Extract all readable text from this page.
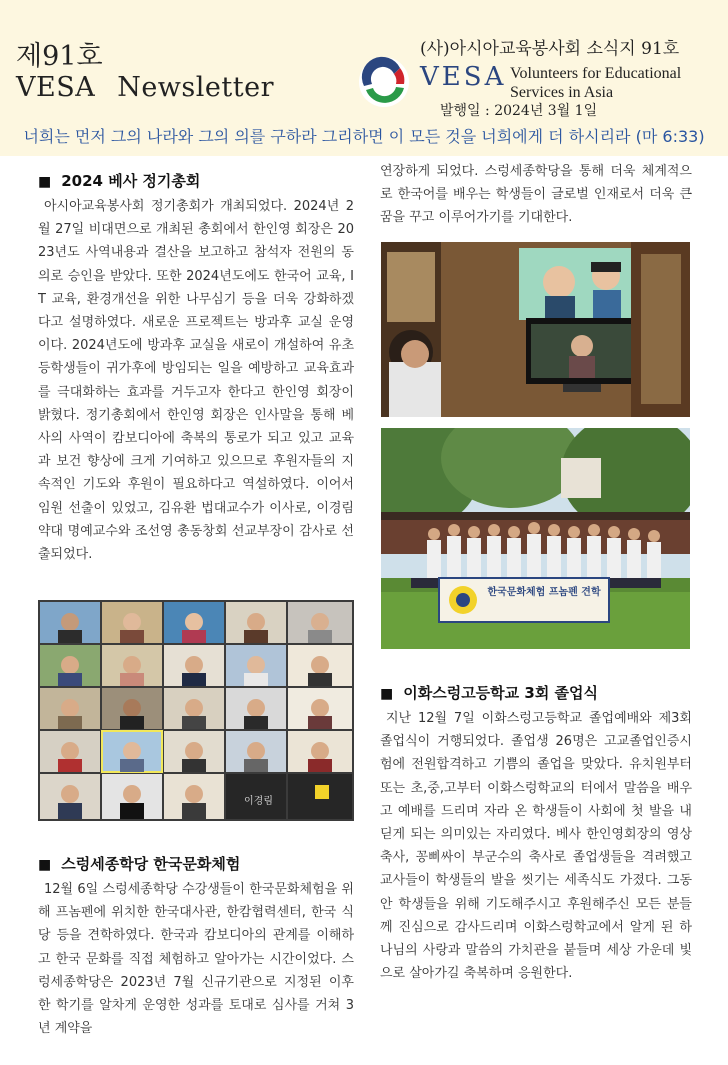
제91호
VESA Newsletter
(사)아시아교육봉사회 소식지 91호
VESA Volunteers for Educational Services in Asia
발행일 : 2024년 3월 1일
너희는 먼저 그의 나라와 그의 의를 구하라 그리하면 이 모든 것을 너희에게 더 하시리라 (마 6:33)
■ 2024 베사 정기총회

아시아교육봉사회 정기총회가 개최되었다. 2024년 2월 27일 비대면으로 개최된 총회에서 한인영 회장은 2023년도 사역내용과 결산을 보고하고 참석자 전원의 동의로 승인을 받았다. 또한 2024년도에도 한국어 교육, IT 교육, 환경개선을 위한 나무심기 등을 더욱 강화하겠다고 설명하였다. 새로운 프로젝트는 방과후 교실 운영이다. 2024년도에 방과후 교실을 새로이 개설하여 유초등학생들이 귀가후에 방임되는 일을 예방하고 교육효과를 극대화하는 효과를 거두고자 한다고 한인영 회장이 밝혔다. 정기총회에서 한인영 회장은 인사말을 통해 베사의 사역이 캄보디아에 축복의 통로가 되고 있고 교육과 보건 향상에 크게 기여하고 있으므로 후원자들의 지속적인 기도와 후원이 필요하다고 역설하였다. 이어서 임원 선출이 있었고, 김유환 법대교수가 이사로, 이경림 약대 명예교수와 조선영 총동창회 선교부장이 감사로 선출되었다.

이경림
■ 스렁세종학당 한국문화체험

12월 6일 스렁세종학당 수강생들이 한국문화체험을 위해 프놈펜에 위치한 한국대사관, 한캄협력센터, 한국 식당 등을 견학하였다. 한국과 캄보디아의 관계를 이해하고 한국 문화를 직접 체험하고 알아가는 시간이었다. 스렁세종학당은 2023년 7월 신규기관으로 지정된 이후 한 학기를 알차게 운영한 성과를 토대로 심사를 거쳐 3년 계약을

연장하게 되었다. 스렁세종학당을 통해 더욱 체계적으로 한국어를 배우는 학생들이 글로벌 인재로서 더욱 큰 꿈을 꾸고 이루어가기를 기대한다.

한국문화체험 프놈펜 견학
■ 이화스렁고등학교 3회 졸업식

지난 12월 7일 이화스렁고등학교 졸업예배와 제3회 졸업식이 거행되었다. 졸업생 26명은 고교졸업인증시험에 전원합격하고 기쁨의 졸업을 맞았다. 유치원부터 또는 초,중,고부터 이화스렁학교의 터에서 말씀을 배우고 예배를 드리며 자라 온 학생들이 사회에 첫 발을 내딛게 되는 의미있는 자리였다. 베사 한인영회장의 영상 축사, 꽁삐싸이 부군수의 축사로 졸업생들을 격려했고 교사들이 학생들의 발을 씻기는 세족식도 가졌다. 그동안 학생들을 위해 기도해주시고 후원해주신 모든 분들께 진심으로 감사드리며 이화스렁학교에서 알게 된 하나님의 사랑과 말씀의 가치관을 붙들며 세상 가운데 빛으로 살아가길 축복하며 응원한다.
